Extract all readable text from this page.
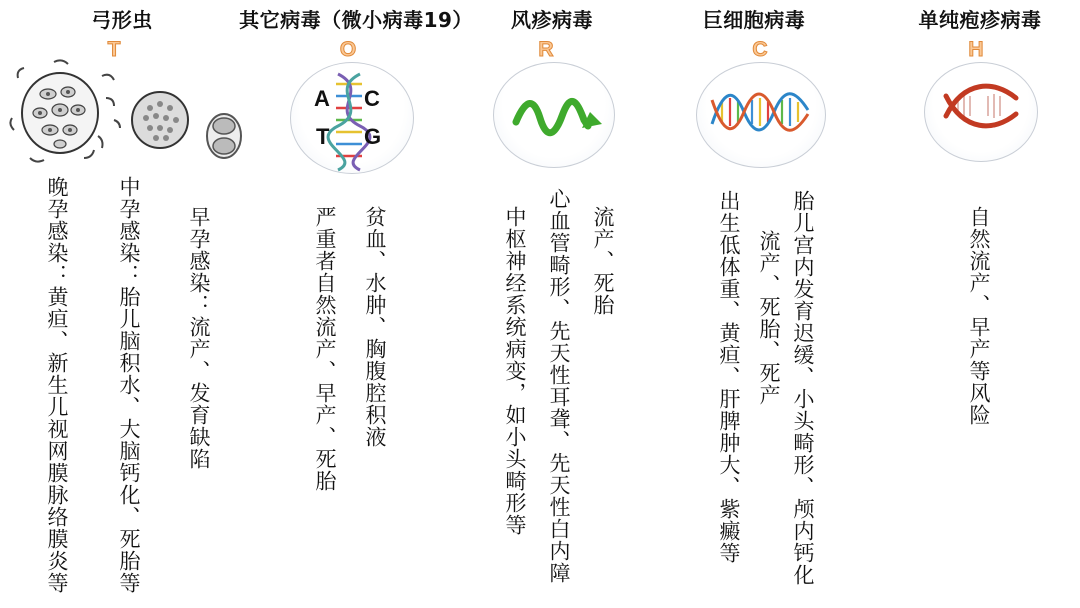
弓形虫
T
晚孕感染：黄疸、新生儿视网膜脉络膜炎等 中孕感染：胎儿脑积水、大脑钙化、死胎等 早孕感染：流产、发育缺陷
其它病毒（微小病毒19）
O
A C
T G
严重者自然流产、早产、死胎 贫血、水肿、胸腹腔积液
风疹病毒
R
中枢神经系统病变，如小头畸形等 心血管畸形、先天性耳聋、先天性白内障 流产、死胎
巨细胞病毒
C
出生低体重、黄疸、肝脾肿大、紫癜等 流产、死胎、死产 胎儿宫内发育迟缓、小头畸形、颅内钙化
单纯疱疹病毒
H
自然流产、早产等风险
